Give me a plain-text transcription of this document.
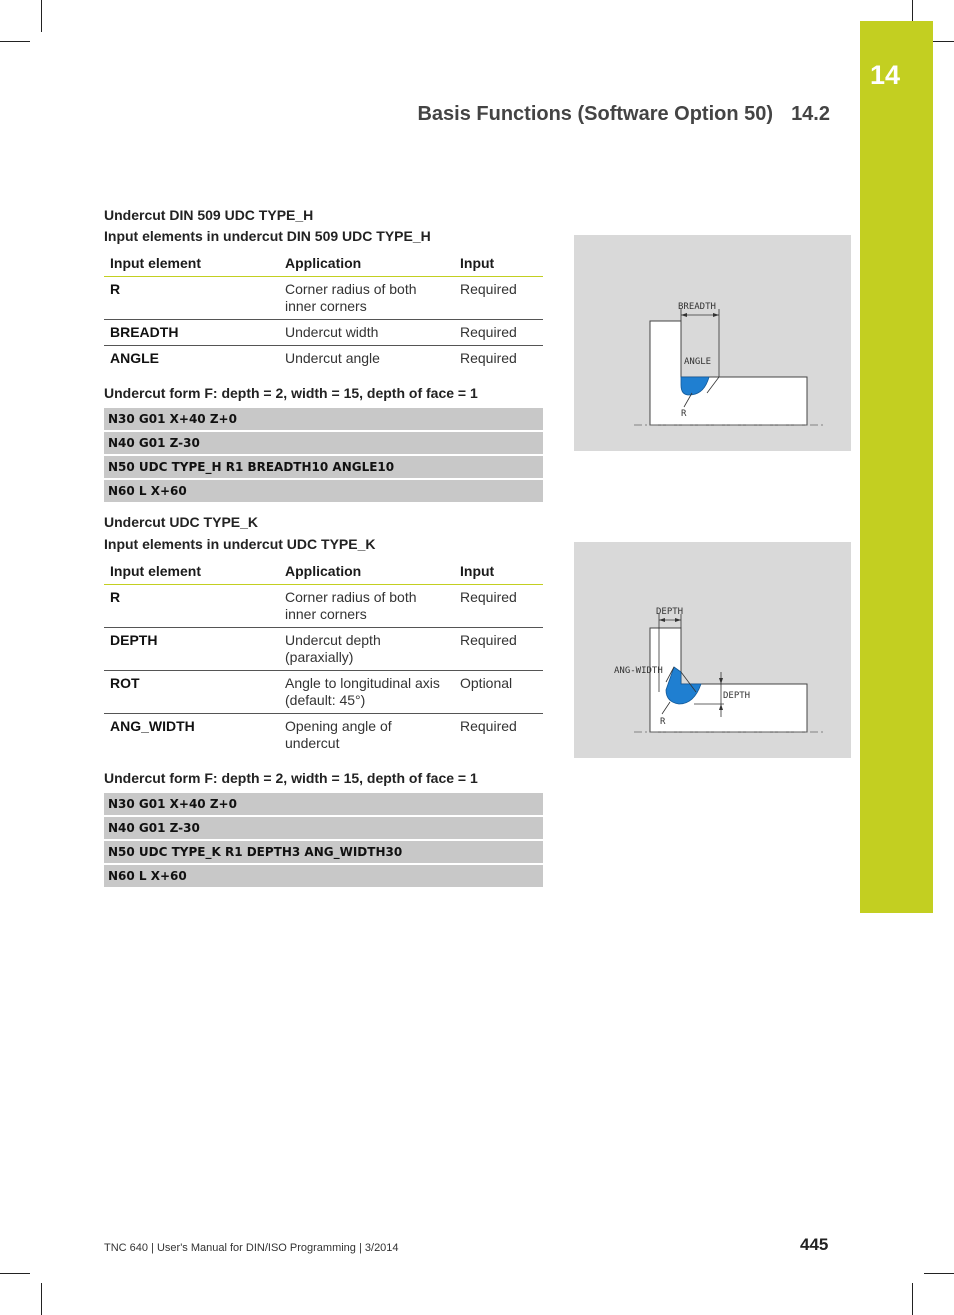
14
Basis Functions (Software Option 50) 14.2
Undercut DIN 509 UDC TYPE_H
Input elements in undercut DIN 509 UDC TYPE_H
Input element	Application	Input
R	Corner radius of both inner corners	Required
BREADTH	Undercut width	Required
ANGLE	Undercut angle	Required
Undercut form F: depth = 2, width = 15, depth of face = 1
N30 G01 X+40 Z+0
N40 G01 Z-30
N50 UDC TYPE_H R1 BREADTH10 ANGLE10
N60 L X+60
BREADTH
ANGLE
R
Undercut UDC TYPE_K
Input elements in undercut UDC TYPE_K
Input element	Application	Input
R	Corner radius of both inner corners	Required
DEPTH	Undercut depth (paraxially)	Required
ROT	Angle to longitudinal axis (default: 45°)	Optional
ANG_WIDTH	Opening angle of undercut	Required
Undercut form F: depth = 2, width = 15, depth of face = 1
N30 G01 X+40 Z+0
N40 G01 Z-30
N50 UDC TYPE_K R1 DEPTH3 ANG_WIDTH30
N60 L X+60
DEPTH
ANG-WIDTH
DEPTH
R
TNC 640 | User's Manual for DIN/ISO Programming | 3/2014	445
